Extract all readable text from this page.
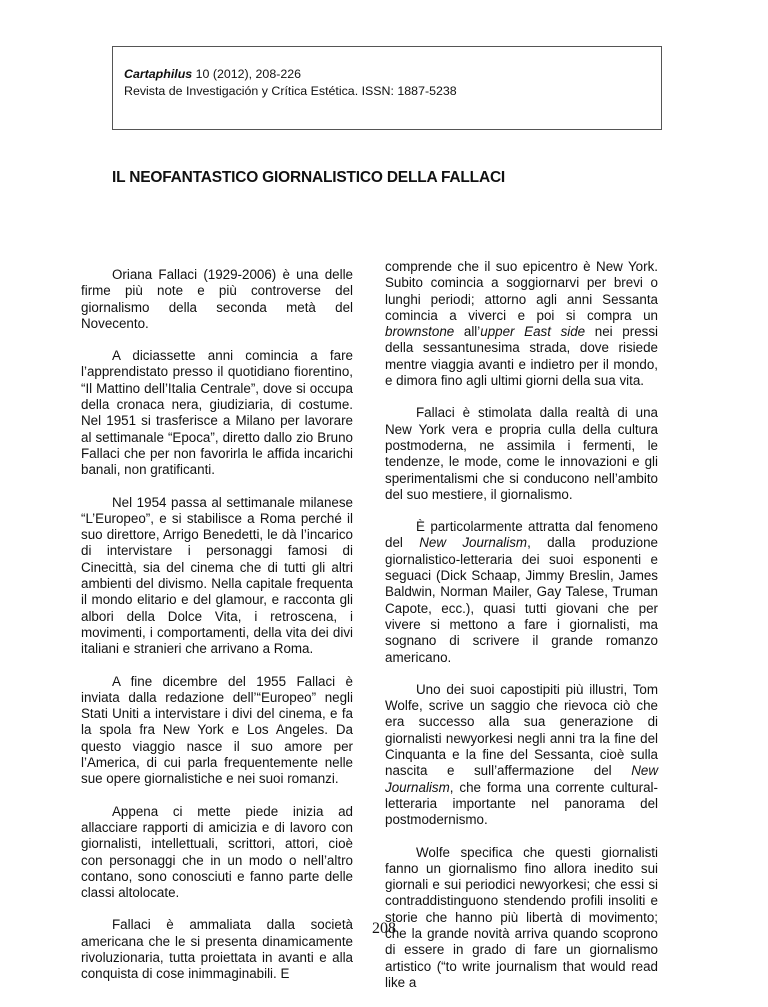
Cartaphilus 10 (2012), 208-226
Revista de Investigación y Crítica Estética. ISSN: 1887-5238
IL NEOFANTASTICO GIORNALISTICO DELLA FALLACI

Oriana Fallaci (1929-2006) è una delle firme più note e più controverse del giornalismo della seconda metà del Novecento.

A diciassette anni comincia a fare l’apprendistato presso il quotidiano fiorentino, “Il Mattino dell’Italia Centrale”, dove si occupa della cronaca nera, giudiziaria, di costume. Nel 1951 si trasferisce a Milano per lavorare al settimanale “Epoca”, diretto dallo zio Bruno Fallaci che per non favorirla le affida incarichi banali, non gratificanti.

Nel 1954 passa al settimanale milanese “L’Europeo”, e si stabilisce a Roma perché il suo direttore, Arrigo Benedetti, le dà l’incarico di intervistare i personaggi famosi di Cinecittà, sia del cinema che di tutti gli altri ambienti del divismo. Nella capitale frequenta il mondo elitario e del glamour, e racconta gli albori della Dolce Vita, i retroscena, i movimenti, i comportamenti, della vita dei divi italiani e stranieri che arrivano a Roma.

A fine dicembre del 1955 Fallaci è inviata dalla redazione dell’“Europeo” negli Stati Uniti a intervistare i divi del cinema, e fa la spola fra New York e Los Angeles. Da questo viaggio nasce il suo amore per l’America, di cui parla frequentemente nelle sue opere giornalistiche e nei suoi romanzi.

Appena ci mette piede inizia ad allacciare rapporti di amicizia e di lavoro con giornalisti, intellettuali, scrittori, attori, cioè con personaggi che in un modo o nell’altro contano, sono conosciuti e fanno parte delle classi altolocate.

Fallaci è ammaliata dalla società americana che le si presenta dinamicamente rivoluzionaria, tutta proiettata in avanti e alla conquista di cose inimmaginabili. E

comprende che il suo epicentro è New York. Subito comincia a soggiornarvi per brevi o lunghi periodi; attorno agli anni Sessanta comincia a viverci e poi si compra un brownstone all’upper East side nei pressi della sessantunesima strada, dove risiede mentre viaggia avanti e indietro per il mondo, e dimora fino agli ultimi giorni della sua vita.

Fallaci è stimolata dalla realtà di una New York vera e propria culla della cultura postmoderna, ne assimila i fermenti, le tendenze, le mode, come le innovazioni e gli sperimentalismi che si conducono nell’ambito del suo mestiere, il giornalismo.

È particolarmente attratta dal fenomeno del New Journalism, dalla produzione giornalistico-letteraria dei suoi esponenti e seguaci (Dick Schaap, Jimmy Breslin, James Baldwin, Norman Mailer, Gay Talese, Truman Capote, ecc.), quasi tutti giovani che per vivere si mettono a fare i giornalisti, ma sognano di scrivere il grande romanzo americano.

Uno dei suoi capostipiti più illustri, Tom Wolfe, scrive un saggio che rievoca ciò che era successo alla sua generazione di giornalisti newyorkesi negli anni tra la fine del Cinquanta e la fine del Sessanta, cioè sulla nascita e sull’affermazione del New Journalism, che forma una corrente cultural-letteraria importante nel panorama del postmodernismo.

Wolfe specifica che questi giornalisti fanno un giornalismo fino allora inedito sui giornali e sui periodici newyorkesi; che essi si contraddistinguono stendendo profili insoliti e storie che hanno più libertà di movimento; che la grande novità arriva quando scoprono di essere in grado di fare un giornalismo artistico (“to write journalism that would read like a

208
